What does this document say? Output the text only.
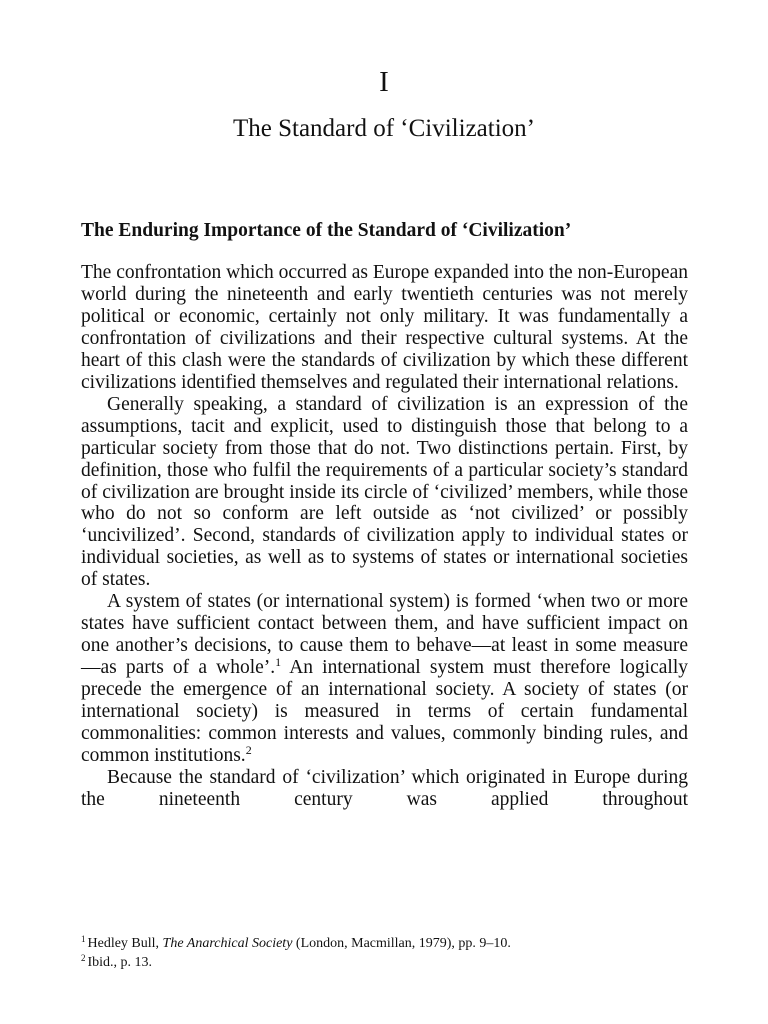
I
The Standard of ‘Civilization’
The Enduring Importance of the Standard of ‘Civilization’

The confrontation which occurred as Europe expanded into the non-European world during the nineteenth and early twentieth centuries was not merely political or economic, certainly not only military. It was fundamentally a confrontation of civilizations and their respective cultural systems. At the heart of this clash were the standards of civilization by which these different civilizations identified themselves and regulated their international relations.

Generally speaking, a standard of civilization is an expression of the assumptions, tacit and explicit, used to distinguish those that belong to a particular society from those that do not. Two distinctions pertain. First, by definition, those who fulfil the requirements of a particular society’s standard of civilization are brought inside its circle of ‘civilized’ members, while those who do not so conform are left outside as ‘not civilized’ or possibly ‘uncivilized’. Second, standards of civilization apply to individual states or individual societies, as well as to systems of states or international societies of states.

A system of states (or international system) is formed ‘when two or more states have sufficient contact between them, and have sufficient impact on one another’s decisions, to cause them to behave—at least in some measure—as parts of a whole’.$^1$ An international system must therefore logically precede the emergence of an international society. A society of states (or international society) is measured in terms of certain fundamental commonalities: common interests and values, commonly binding rules, and common institutions.$^2$

Because the standard of ‘civilization’ which originated in Europe during the nineteenth century was applied throughout

$^1$ Hedley Bull, The Anarchical Society (London, Macmillan, 1979), pp. 9–10.

$^2$ Ibid., p. 13.
